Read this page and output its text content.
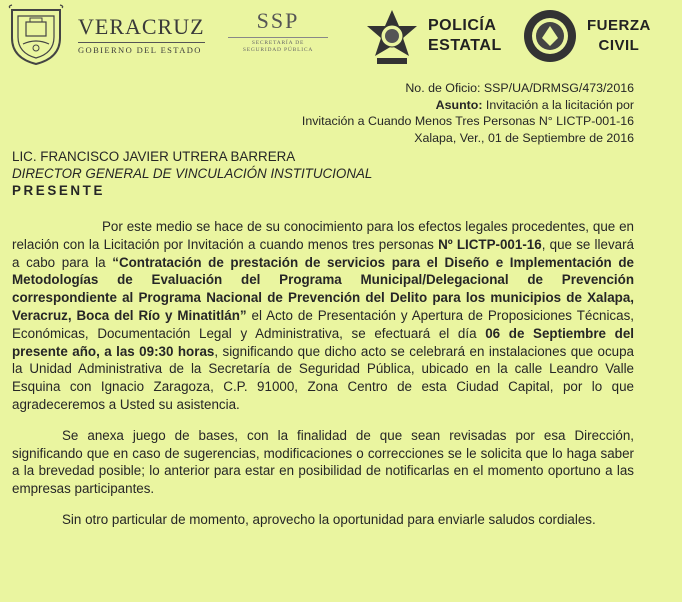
VERACRUZ
GOBIERNO DEL ESTADO
SSP
SECRETARÍA DE
SEGURIDAD PÚBLICA
POLICÍA
ESTATAL
FUERZA
CIVIL
No. de Oficio: SSP/UA/DRMSG/473/2016
Asunto: Invitación a la licitación por
Invitación a Cuando Menos Tres Personas N° LICTP-001-16
Xalapa, Ver., 01 de Septiembre de 2016
LIC. FRANCISCO JAVIER UTRERA BARRERA
DIRECTOR GENERAL DE VINCULACIÓN INSTITUCIONAL
PRESENTE

Por este medio se hace de su conocimiento para los efectos legales procedentes, que en relación con la Licitación por Invitación a cuando menos tres personas Nº LICTP-001-16, que se llevará a cabo para la “Contratación de prestación de servicios para el Diseño e Implementación de Metodologías de Evaluación del Programa Municipal/Delegacional de Prevención correspondiente al Programa Nacional de Prevención del Delito para los municipios de Xalapa, Veracruz, Boca del Río y Minatitlán” el Acto de Presentación y Apertura de Proposiciones Técnicas, Económicas, Documentación Legal y Administrativa, se efectuará el día 06 de Septiembre del presente año, a las 09:30 horas, significando que dicho acto se celebrará en instalaciones que ocupa la Unidad Administrativa de la Secretaría de Seguridad Pública, ubicado en la calle Leandro Valle Esquina con Ignacio Zaragoza, C.P. 91000, Zona Centro de esta Ciudad Capital, por lo que agradeceremos a Usted su asistencia.

Se anexa juego de bases, con la finalidad de que sean revisadas por esa Dirección, significando que en caso de sugerencias, modificaciones o correcciones se le solicita que lo haga saber a la brevedad posible; lo anterior para estar en posibilidad de notificarlas en el momento oportuno a las empresas participantes.

Sin otro particular de momento, aprovecho la oportunidad para enviarle saludos cordiales.
